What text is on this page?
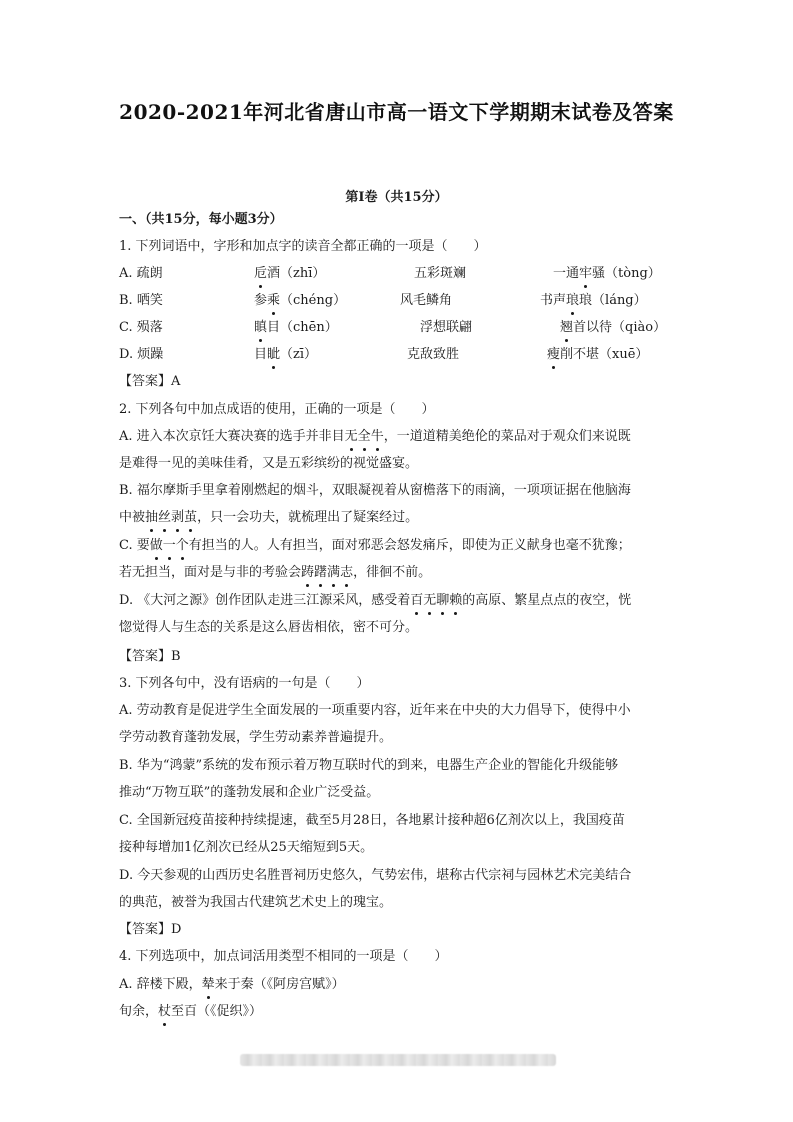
2020-2021年河北省唐山市高一语文下学期期末试卷及答案
第Ⅰ卷（共15分）
一、（共15分，每小题3分）
1. 下列词语中，字形和加点字的读音全都正确的一项是（　　）
A. 疏朗	卮酒（zhī）	五彩斑斓	一通牢骚（tòng）
B. 哂笑	参乘（chéng）	风毛鳞角	书声琅琅（láng）
C. 殒落	瞋目（chēn）	浮想联翩	翘首以待（qiào）
D. 烦躁	目眦（zī）	克敌致胜	瘦削不堪（xuē）
【答案】A
2. 下列各句中加点成语的使用，正确的一项是（　　）
A. 进入本次京饪大赛决赛的选手并非目无全牛，一道道精美绝伦的菜品对于观众们来说既
是难得一见的美味佳肴，又是五彩缤纷的视觉盛宴。
B. 福尔摩斯手里拿着刚燃起的烟斗，双眼凝视着从窗檐落下的雨滴，一项项证据在他脑海
中被抽丝剥茧，只一会功夫，就梳理出了疑案经过。
C. 要做一个有担当的人。人有担当，面对邪恶会怒发痛斥，即使为正义献身也毫不犹豫；
若无担当，面对是与非的考验会踌躇满志，徘徊不前。
D. 《大河之源》创作团队走进三江源采风，感受着百无聊赖的高原、繁星点点的夜空，恍
惚觉得人与生态的关系是这么唇齿相依，密不可分。
【答案】B
3. 下列各句中，没有语病的一句是（　　）
A. 劳动教育是促进学生全面发展的一项重要内容，近年来在中央的大力倡导下，使得中小
学劳动教育蓬勃发展，学生劳动素养普遍提升。
B. 华为“鸿蒙”系统的发布预示着万物互联时代的到来，电器生产企业的智能化升级能够
推动“万物互联”的蓬勃发展和企业广泛受益。
C. 全国新冠疫苗接种持续提速，截至5月28日，各地累计接种超6亿剂次以上，我国疫苗
接种每增加1亿剂次已经从25天缩短到5天。
D. 今天参观的山西历史名胜晋祠历史悠久，气势宏伟，堪称古代宗祠与园林艺术完美结合
的典范，被誉为我国古代建筑艺术史上的瑰宝。
【答案】D
4. 下列选项中，加点词活用类型不相同的一项是（　　）
A. 辞楼下殿，辇来于秦（《阿房宫赋》）
旬余，杖至百（《促织》）
